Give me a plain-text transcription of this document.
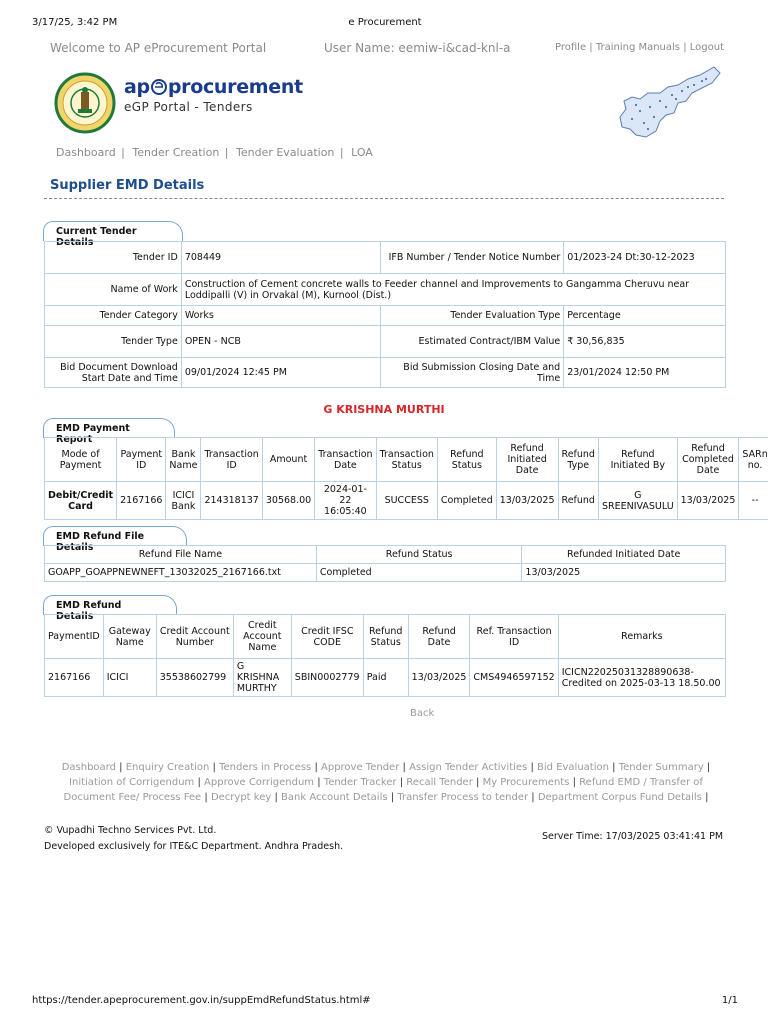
3/17/25, 3:42 PM	e Procurement
Welcome to AP eProcurement Portal	User Name: eemiw-i&cad-knl-a	Profile | Training Manuals | Logout
ap procurement
eGP Portal - Tenders
Dashboard | Tender Creation | Tender Evaluation | LOA
Supplier EMD Details
Current Tender Details
Tender ID	708449	IFB Number / Tender Notice Number	01/2023-24 Dt:30-12-2023
Name of Work	Construction of Cement concrete walls to Feeder channel and Improvements to Gangamma Cheruvu near Loddipalli (V) in Orvakal (M), Kurnool (Dist.)		
Tender Category	Works	Tender Evaluation Type	Percentage
Tender Type	OPEN - NCB	Estimated Contract/IBM Value	₹ 30,56,835
Bid Document Download Start Date and Time	09/01/2024 12:45 PM	Bid Submission Closing Date and Time	23/01/2024 12:50 PM
G KRISHNA MURTHI
EMD Payment Report
Mode of Payment	Payment ID	Bank Name	Transaction ID	Amount	Transaction Date	Transaction Status	Refund Status	Refund Initiated Date	Refund Type	Refund Initiated By	Refund Completed Date	SARn no.
Debit/Credit Card	2167166	ICICI Bank	214318137	30568.00	2024-01-22 16:05:40	SUCCESS	Completed	13/03/2025	Refund	G SREENIVASULU	13/03/2025	--
EMD Refund File Details
Refund File Name	Refund Status	Refunded Initiated Date
GOAPP_GOAPPNEWNEFT_13032025_2167166.txt	Completed	13/03/2025
EMD Refund Details
PaymentID	Gateway Name	Credit Account Number	Credit Account Name	Credit IFSC CODE	Refund Status	Refund Date	Ref. Transaction ID	Remarks
2167166	ICICI	35538602799	G KRISHNA MURTHY	SBIN0002779	Paid	13/03/2025	CMS4946597152	ICICN22025031328890638-Credited on 2025-03-13 18.50.00
Back
Dashboard | Enquiry Creation | Tenders in Process | Approve Tender | Assign Tender Activities | Bid Evaluation | Tender Summary | Initiation of Corrigendum | Approve Corrigendum | Tender Tracker | Recall Tender | My Procurements | Refund EMD / Transfer of Document Fee/ Process Fee | Decrypt key | Bank Account Details | Transfer Process to tender | Department Corpus Fund Details |
© Vupadhi Techno Services Pvt. Ltd.
Developed exclusively for ITE&C Department. Andhra Pradesh.
Server Time: 17/03/2025 03:41:41 PM
https://tender.apeprocurement.gov.in/suppEmdRefundStatus.html#	1/1
